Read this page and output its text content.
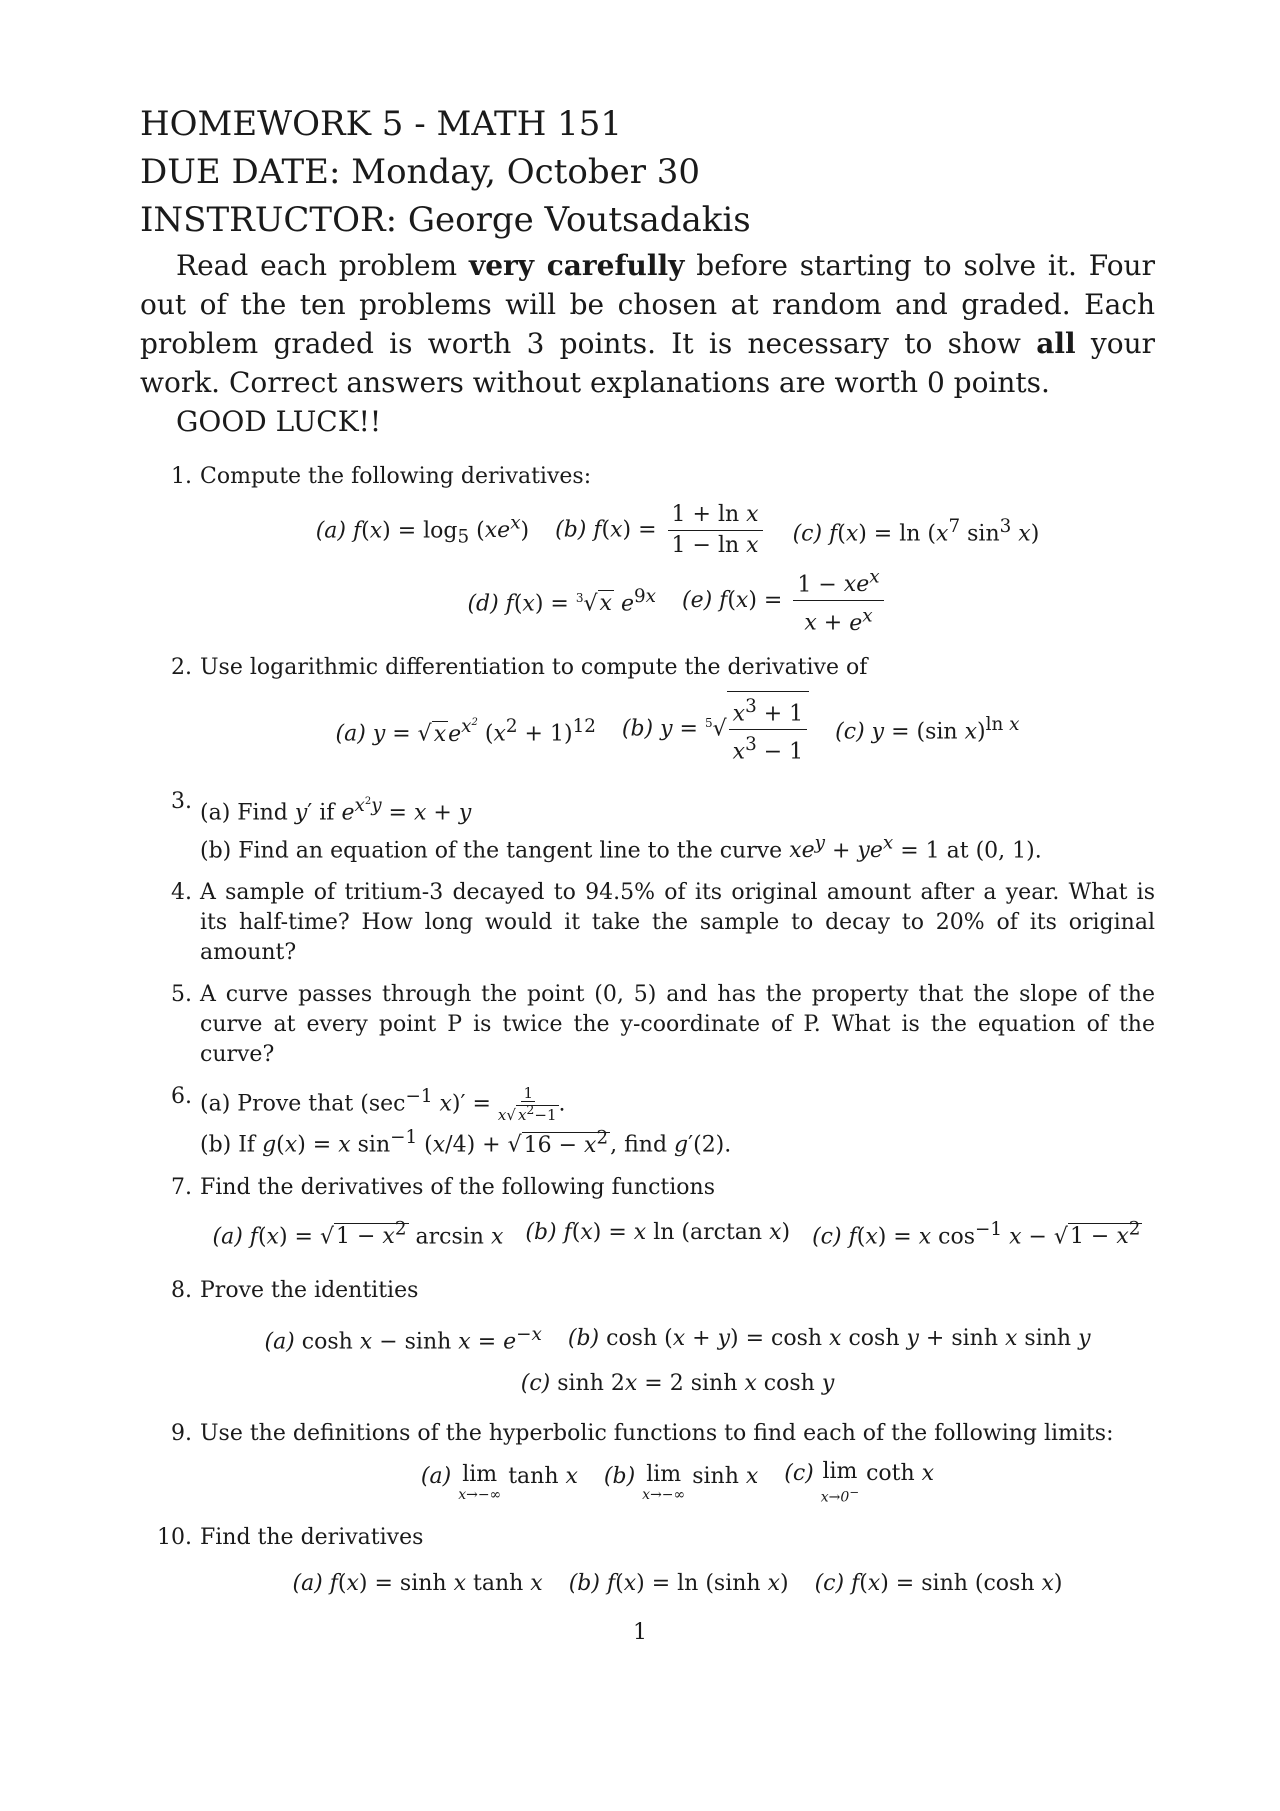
HOMEWORK 5 - MATH 151
DUE DATE: Monday, October 30
INSTRUCTOR: George Voutsadakis
Read each problem very carefully before starting to solve it. Four out of the ten problems will be chosen at random and graded. Each problem graded is worth 3 points. It is necessary to show all your work. Correct answers without explanations are worth 0 points.
GOOD LUCK!!
1. Compute the following derivatives:
(a) $f(x) = \log_5 (xe^x)$ (b) $f(x) = \frac{\text{1 + ln x}}{\text{1 − ln x}} (c) f(x) = \ln (x^7$ $\sin^3 x$)
(d) f(x) = $^3$√x $e^{9x}$ (e) $f(x) = \frac{1 - xe^x}{x + e^x}$
2. Use logarithmic differentiation to compute the derivative of
(a) $y = √xe^{x^2}$ $(x^2 + 1)^{12}$ (b) $y = ^5√ \frac{x^3 + 1}{x^3 - 1} (c) y = (\sin$ x)$^{ln x}$
3. (a) Find y′ if $e^{x^2y} = x + y$
(b) Find an equation of the tangent line to the curve $xe^y + ye^x = 1$ at (0, 1).
4. A sample of tritium-3 decayed to 94.5% of its original amount after a year. What is its half-time? How long would it take the sample to decay to 20% of its original amount?
5. A curve passes through the point (0, 5) and has the property that the slope of the curve at every point P is twice the y-coordinate of P. What is the equation of the curve?
6. (a) Prove that ($\sec^{-1}$ $x)' = \frac{1}{x√ x^2-1}$ .
(b) If g(x) = x $\sin^{-1} (x/4) + √16 - x^2$, find g′(2).
7. Find the derivatives of the following functions
(a) $f(x) = √1 - x^2$ arcsin x (b) f(x) = x ln (arctan x) (c) f(x) = x $\cos^{-1} x - √1 - x^2$
8. Prove the identities
(a) $\cosh x - \sinh x = e^{-x}$ (b) cosh (x + y) = cosh x cosh y + sinh x sinh y
(c) sinh 2x = 2 sinh x cosh y
9. Use the definitions of the hyperbolic functions to find each of the following limits:
(a) lim
x→−∞
tanh x (b) lim
x→−∞
sinh x (c) lim
x→0−
coth x
10. Find the derivatives
(a) f(x) = sinh x tanh x (b) f(x) = ln (sinh x) (c) f(x) = sinh (cosh x)
1
